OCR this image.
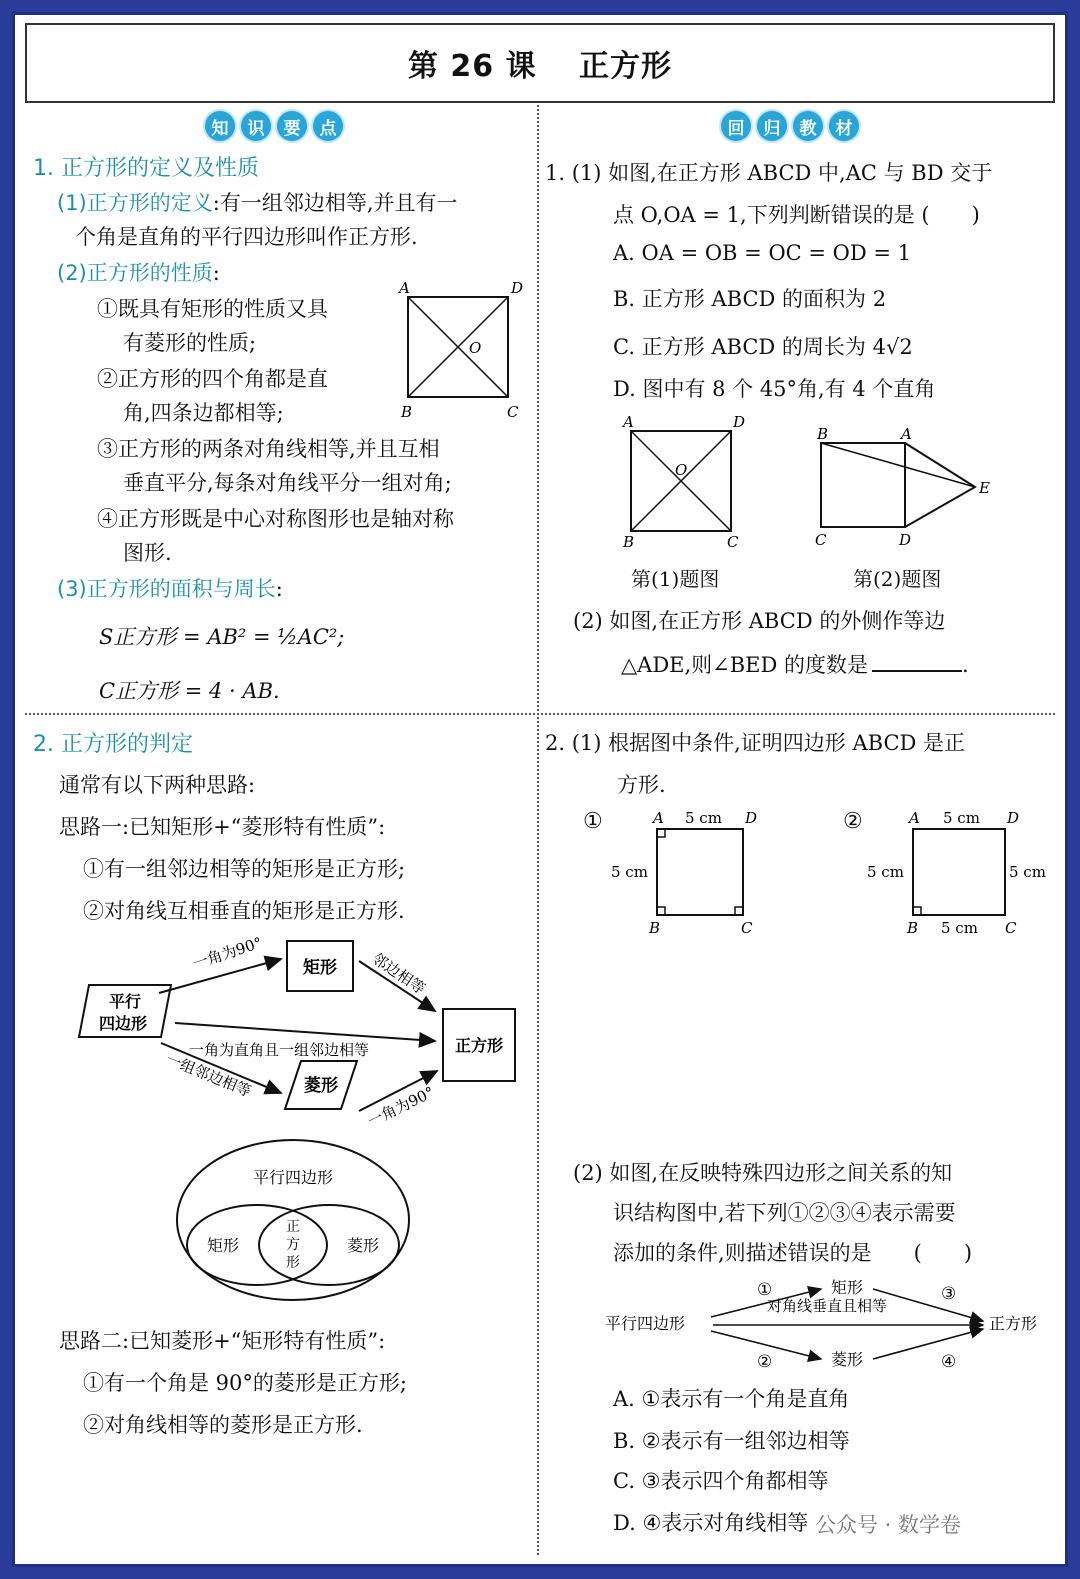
第 26 课　 正方形
知	识	要	点
1. 正方形的定义及性质
(1)正方形的定义:有一组邻边相等,并且有一
个角是直角的平行四边形叫作正方形.
(2)正方形的性质:
①既具有矩形的性质又具
有菱形的性质;
②正方形的四个角都是直
角,四条边都相等;
③正方形的两条对角线相等,并且互相
垂直平分,每条对角线平分一组对角;
④正方形既是中心对称图形也是轴对称
图形.
A	D
O
B	C
(3)正方形的面积与周长:
S正方形 = AB² = ½AC²;
C正方形 = 4 · AB.
回	归	教	材
1. (1) 如图,在正方形 ABCD 中,AC 与 BD 交于
点 O,OA = 1,下列判断错误的是 (　　)
A. OA = OB = OC = OD = 1
B. 正方形 ABCD 的面积为 2
C. 正方形 ABCD 的周长为 4√2
D. 图中有 8 个 45°角,有 4 个直角
A	D
O
B	C
第(1)题图
B	A
E
C	D
第(2)题图
(2) 如图,在正方形 ABCD 的外侧作等边
△ADE,则∠BED 的度数是	.
2. 正方形的判定
通常有以下两种思路:
思路一:已知矩形+“菱形特有性质”:
①有一组邻边相等的矩形是正方形;
②对角线互相垂直的矩形是正方形.
平行
四边形
矩形
菱形
正方形
一角为90°	邻边相等
一角为直角且一组邻边相等
一组邻边相等
一角为90°
平行四边形
矩形	菱形
正
方
形
思路二:已知菱形+“矩形特有性质”:
①有一个角是 90°的菱形是正方形;
②对角线相等的菱形是正方形.
2. (1) 根据图中条件,证明四边形 ABCD 是正
方形.
①	A	D
B	C
5 cm
5 cm
②	A	D
B	C
5 cm
5 cm	5 cm
5 cm
(2) 如图,在反映特殊四边形之间关系的知
识结构图中,若下列①②③④表示需要
添加的条件,则描述错误的是　　(　　)
平行四边形
矩形
菱形
正方形
对角线垂直且相等
①
②
③
④
A. ①表示有一个角是直角
B. ②表示有一组邻边相等
C. ③表示四个角都相等
D. ④表示对角线相等 公众号 · 数学卷
